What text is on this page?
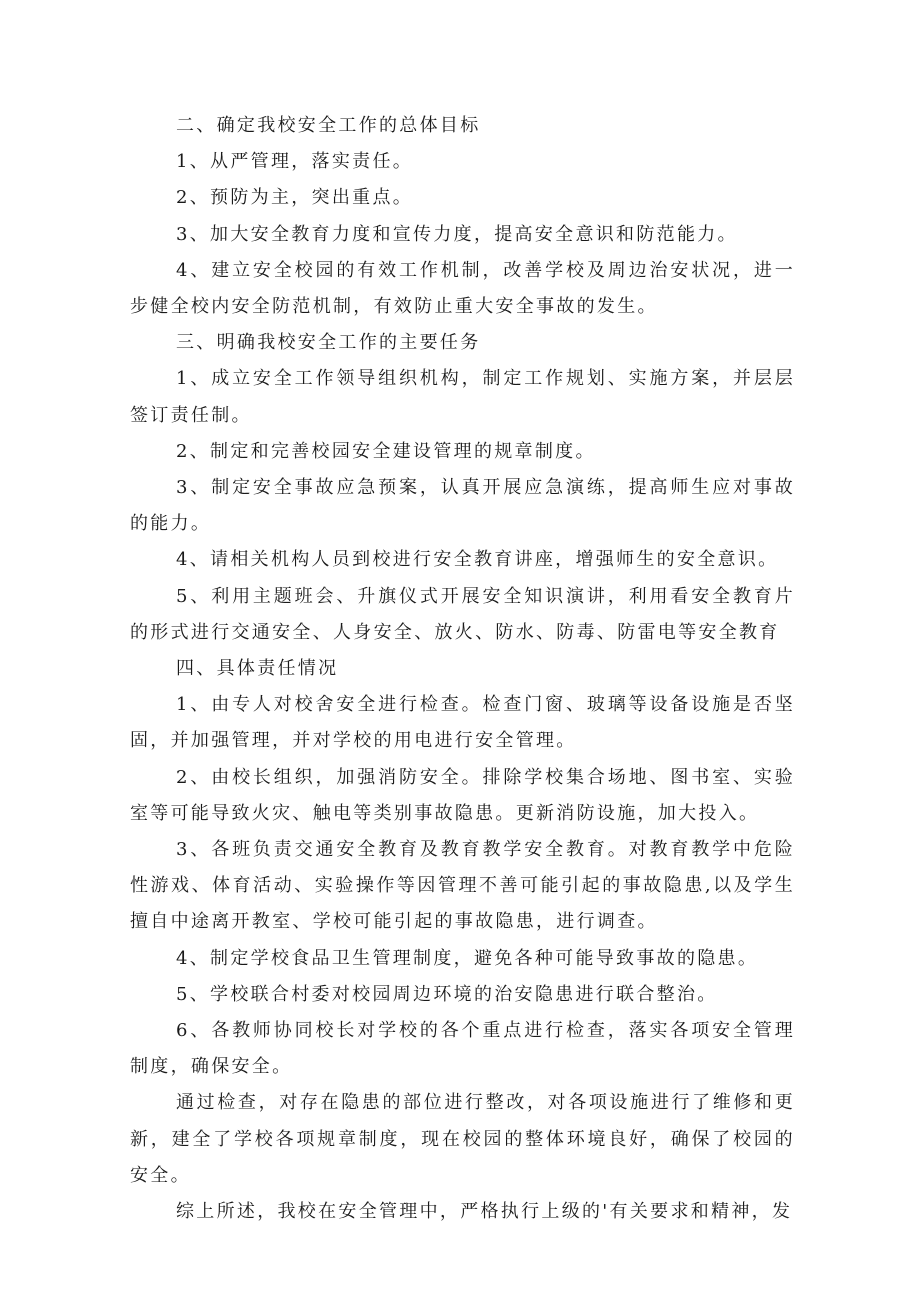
二、确定我校安全工作的总体目标

1、从严管理，落实责任。

2、预防为主，突出重点。

3、加大安全教育力度和宣传力度，提高安全意识和防范能力。

4、建立安全校园的有效工作机制，改善学校及周边治安状况，进一步健全校内安全防范机制，有效防止重大安全事故的发生。

三、明确我校安全工作的主要任务

1、成立安全工作领导组织机构，制定工作规划、实施方案，并层层签订责任制。

2、制定和完善校园安全建设管理的规章制度。

3、制定安全事故应急预案，认真开展应急演练，提高师生应对事故的能力。

4、请相关机构人员到校进行安全教育讲座，增强师生的安全意识。

5、利用主题班会、升旗仪式开展安全知识演讲，利用看安全教育片的形式进行交通安全、人身安全、放火、防水、防毒、防雷电等安全教育

四、具体责任情况

1、由专人对校舍安全进行检查。检查门窗、玻璃等设备设施是否坚固，并加强管理，并对学校的用电进行安全管理。

2、由校长组织，加强消防安全。排除学校集合场地、图书室、实验室等可能导致火灾、触电等类别事故隐患。更新消防设施，加大投入。

3、各班负责交通安全教育及教育教学安全教育。对教育教学中危险性游戏、体育活动、实验操作等因管理不善可能引起的事故隐患,以及学生擅自中途离开教室、学校可能引起的事故隐患，进行调查。

4、制定学校食品卫生管理制度，避免各种可能导致事故的隐患。

5、学校联合村委对校园周边环境的治安隐患进行联合整治。

6、各教师协同校长对学校的各个重点进行检查，落实各项安全管理制度，确保安全。

通过检查，对存在隐患的部位进行整改，对各项设施进行了维修和更新，建全了学校各项规章制度，现在校园的整体环境良好，确保了校园的安全。

综上所述，我校在安全管理中，严格执行上级的'有关要求和精神，发
